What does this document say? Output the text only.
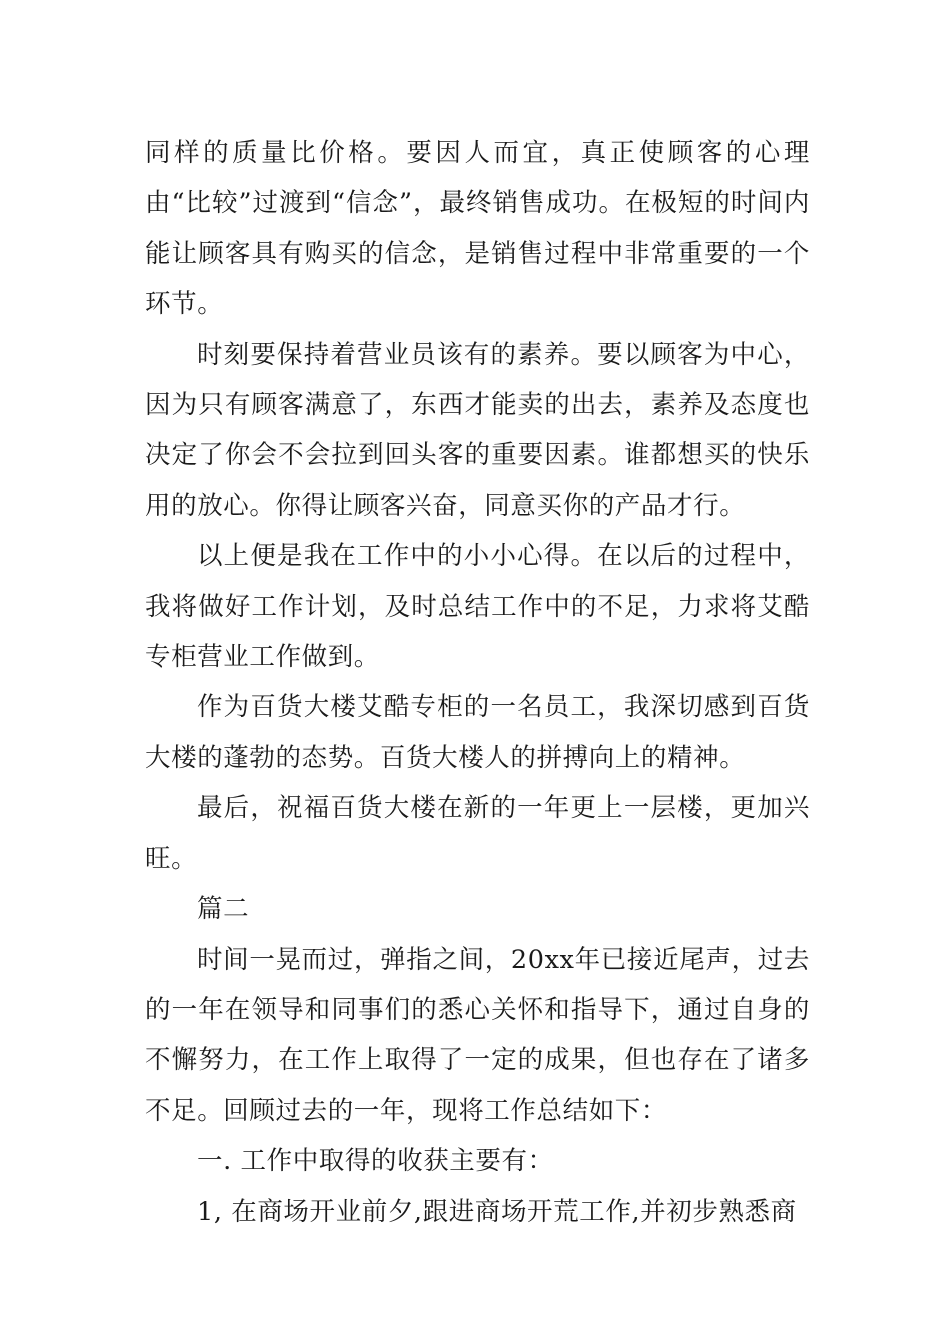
同样的质量比价格。要因人而宜，真正使顾客的心理由“比较”过渡到“信念”，最终销售成功。在极短的时间内能让顾客具有购买的信念，是销售过程中非常重要的一个环节。

时刻要保持着营业员该有的素养。要以顾客为中心，因为只有顾客满意了，东西才能卖的出去，素养及态度也决定了你会不会拉到回头客的重要因素。谁都想买的快乐用的放心。你得让顾客兴奋，同意买你的产品才行。

以上便是我在工作中的小小心得。在以后的过程中，我将做好工作计划，及时总结工作中的不足，力求将艾酷专柜营业工作做到。

作为百货大楼艾酷专柜的一名员工，我深切感到百货大楼的蓬勃的态势。百货大楼人的拼搏向上的精神。

最后，祝福百货大楼在新的一年更上一层楼，更加兴旺。

篇二

时间一晃而过，弹指之间，20xx年已接近尾声，过去的一年在领导和同事们的悉心关怀和指导下，通过自身的不懈努力，在工作上取得了一定的成果，但也存在了诸多不足。回顾过去的一年，现将工作总结如下：

一. 工作中取得的收获主要有：

1, 在商场开业前夕,跟进商场开荒工作,并初步熟悉商
